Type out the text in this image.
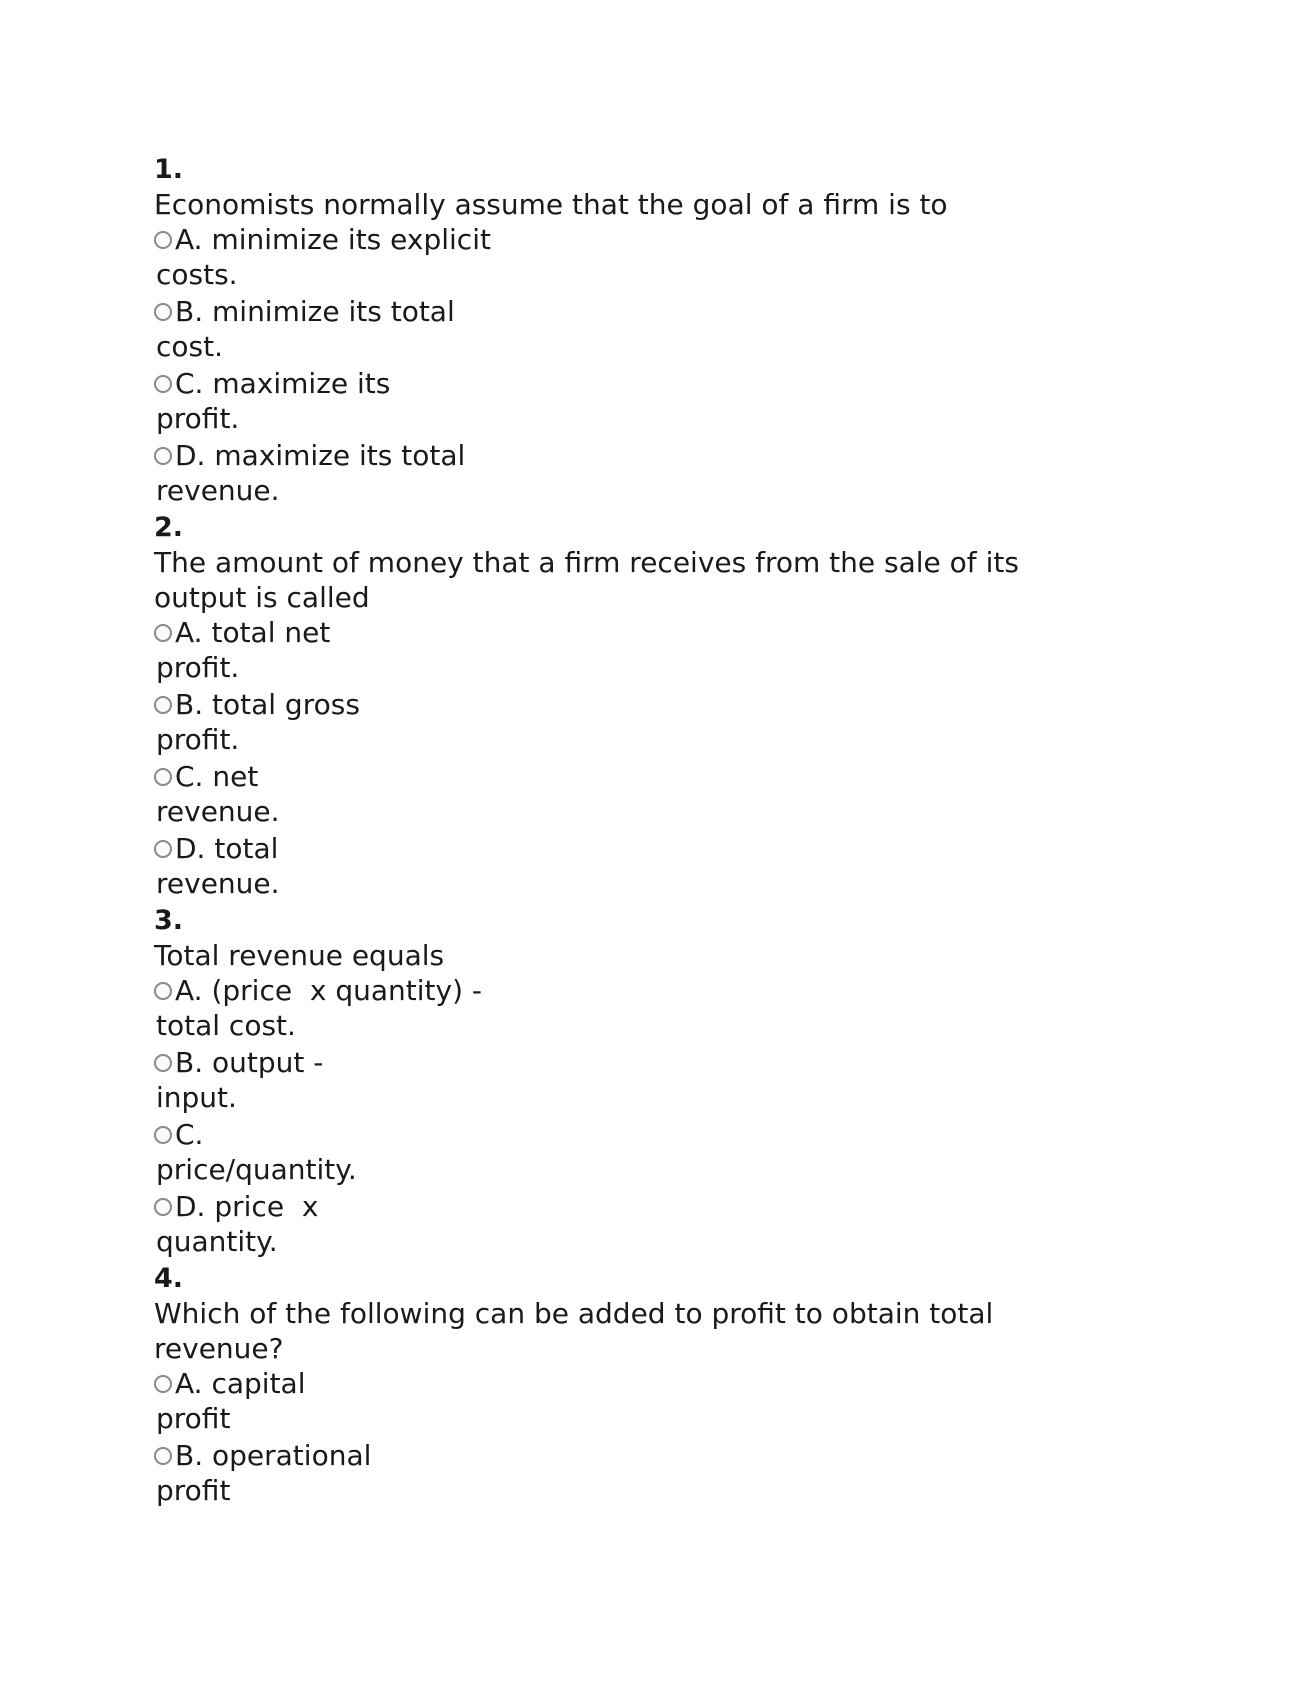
1.
Economists normally assume that the goal of a firm is to
A. minimize its explicit
costs.
B. minimize its total
cost.
C. maximize its
profit.
D. maximize its total
revenue.
2.
The amount of money that a firm receives from the sale of its output is called
A. total net
profit.
B. total gross
profit.
C. net
revenue.
D. total
revenue.
3.
Total revenue equals
A. (price  x quantity) -
total cost.
B. output -
input.
C.
price/quantity.
D. price  x
quantity.
4.
Which of the following can be added to profit to obtain total revenue?
A. capital
profit
B. operational
profit
